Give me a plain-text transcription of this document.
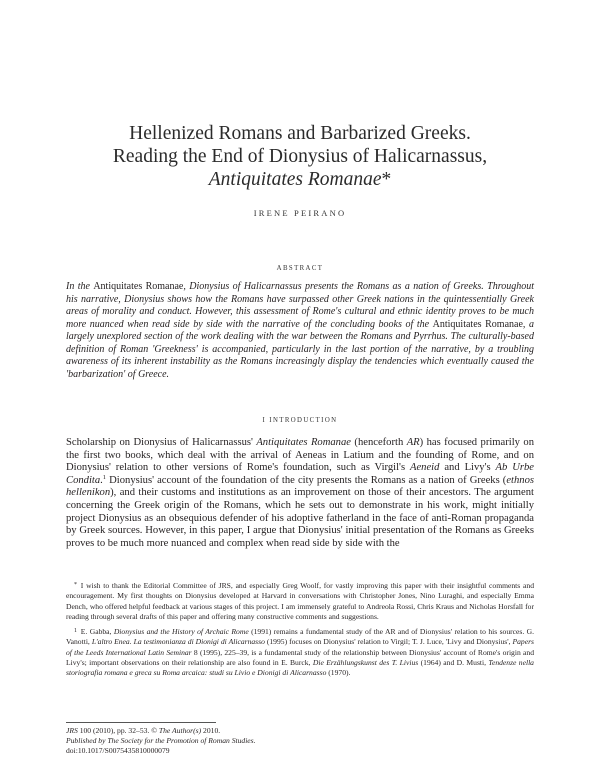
Hellenized Romans and Barbarized Greeks.
Reading the End of Dionysius of Halicarnassus,
Antiquitates Romanae*
IRENE PEIRANO
ABSTRACT
In the Antiquitates Romanae, Dionysius of Halicarnassus presents the Romans as a nation of Greeks. Throughout his narrative, Dionysius shows how the Romans have surpassed other Greek nations in the quintessentially Greek areas of morality and conduct. However, this assessment of Rome's cultural and ethnic identity proves to be much more nuanced when read side by side with the narrative of the concluding books of the Antiquitates Romanae, a largely unexplored section of the work dealing with the war between the Romans and Pyrrhus. The culturally-based definition of Roman 'Greekness' is accompanied, particularly in the last portion of the narrative, by a troubling awareness of its inherent instability as the Romans increasingly display the tendencies which eventually caused the 'barbarization' of Greece.
I INTRODUCTION
Scholarship on Dionysius of Halicarnassus' Antiquitates Romanae (henceforth AR) has focused primarily on the first two books, which deal with the arrival of Aeneas in Latium and the founding of Rome, and on Dionysius' relation to other versions of Rome's foundation, such as Virgil's Aeneid and Livy's Ab Urbe Condita.$^1$ Dionysius' account of the foundation of the city presents the Romans as a nation of Greeks (ethnos hellenikon), and their customs and institutions as an improvement on those of their ancestors. The argument concerning the Greek origin of the Romans, which he sets out to demonstrate in his work, might initially project Dionysius as an obsequious defender of his adoptive fatherland in the face of anti-Roman propaganda by Greek sources. However, in this paper, I argue that Dionysius' initial presentation of the Romans as Greeks proves to be much more nuanced and complex when read side by side with the

*  I wish to thank the Editorial Committee of JRS, and especially Greg Woolf, for vastly improving this paper with their insightful comments and encouragement. My first thoughts on Dionysius developed at Harvard in conversations with Christopher Jones, Nino Luraghi, and especially Emma Dench, who offered helpful feedback at various stages of this project. I am immensely grateful to Andreola Rossi, Chris Kraus and Nicholas Horsfall for reading through several drafts of this paper and offering many constructive comments and suggestions.

$^1$  E. Gabba, Dionysius and the History of Archaic Rome (1991) remains a fundamental study of the AR and of Dionysius' relation to his sources. G. Vanotti, L'altro Enea. La testimonianza di Dionigi di Alicarnasso (1995) focuses on Dionysius' relation to Virgil; T. J. Luce, 'Livy and Dionysius', Papers of the Leeds International Latin Seminar 8 (1995), 225–39, is a fundamental study of the relationship between Dionysius' account of Rome's origin and Livy's; important observations on their relationship are also found in E. Burck, Die Erzählungskunst des T. Livius (1964) and D. Musti, Tendenze nella storiografia romana e greca su Roma arcaica: studi su Livio e Dionigi di Alicarnasso (1970).

JRS 100 (2010), pp. 32–53. © The Author(s) 2010.
Published by The Society for the Promotion of Roman Studies.
doi:10.1017/S0075435810000079
